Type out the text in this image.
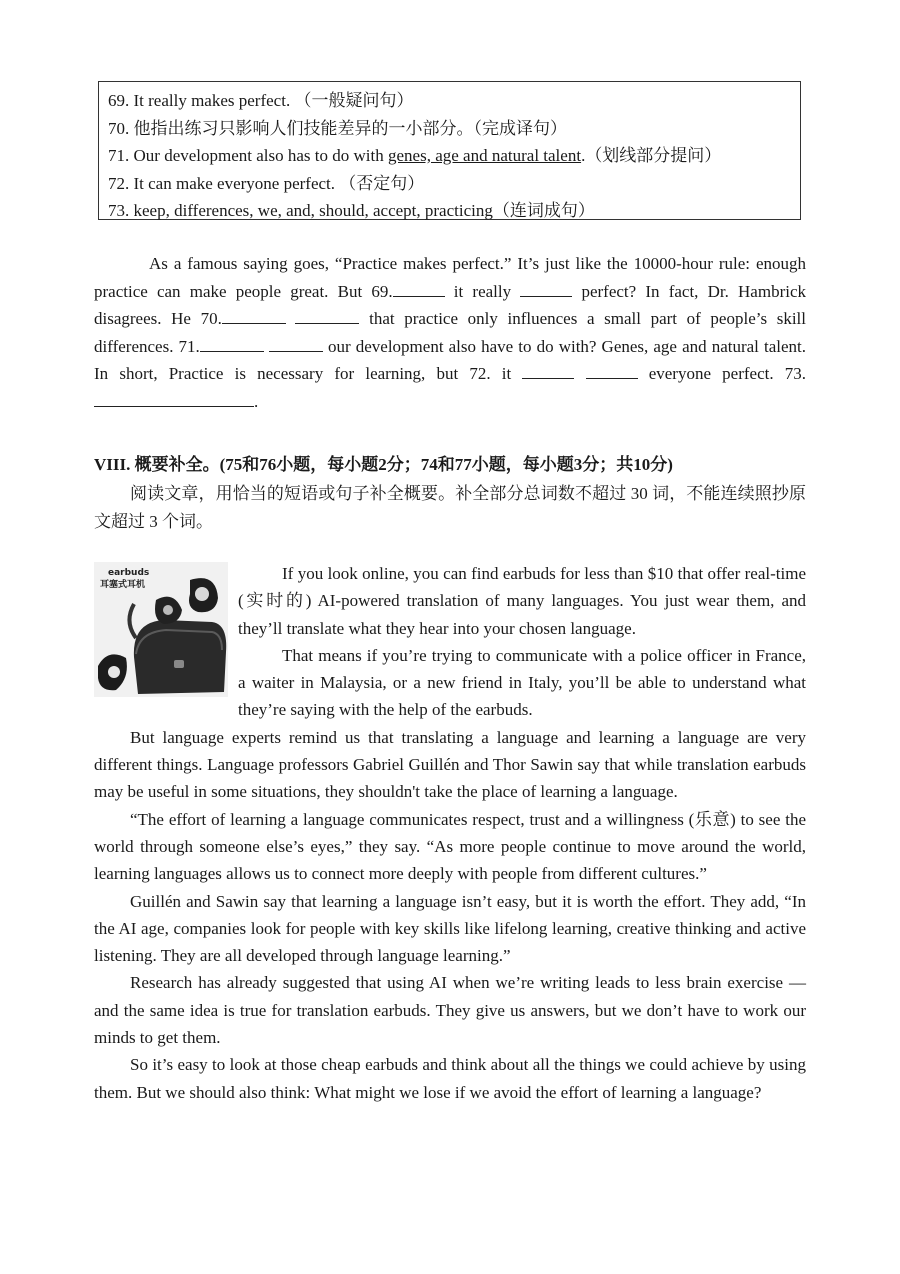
69. It really makes perfect. （一般疑问句）
70. 他指出练习只影响人们技能差异的一小部分。（完成译句）
71. Our development also has to do with genes, age and natural talent.（划线部分提问）
72. It can make everyone perfect. （否定句）
73. keep, differences, we, and, should, accept, practicing（连词成句）

As a famous saying goes, “Practice makes perfect.” It’s just like the 10000-hour rule: enough practice can make people great. But 69.	it really	perfect? In fact, Dr. Hambrick disagrees. He 70.	that practice only influences a small part of people’s skill differences. 71.	our development also have to do with? Genes, age and natural talent. In short, Practice is necessary for learning, but 72. it	everyone perfect. 73..

VIII. 概要补全。(75和76小题，每小题2分；74和77小题，每小题3分；共10分)

阅读文章，用恰当的短语或句子补全概要。补全部分总词数不超过 30 词，不能连续照抄原文超过 3 个词。

earbuds
耳塞式耳机

If you look online, you can find earbuds for less than $10 that offer real-time (实时的) AI-powered translation of many languages. You just wear them, and they’ll translate what they hear into your chosen language.

That means if you’re trying to communicate with a police officer in France, a waiter in Malaysia, or a new friend in Italy, you’ll be able to understand what they’re saying with the help of the earbuds.

But language experts remind us that translating a language and learning a language are very different things. Language professors Gabriel Guillén and Thor Sawin say that while translation earbuds may be useful in some situations, they shouldn't take the place of learning a language.

“The effort of learning a language communicates respect, trust and a willingness (乐意) to see the world through someone else’s eyes,” they say. “As more people continue to move around the world, learning languages allows us to connect more deeply with people from different cultures.”

Guillén and Sawin say that learning a language isn’t easy, but it is worth the effort. They add, “In the AI age, companies look for people with key skills like lifelong learning, creative thinking and active listening. They are all developed through language learning.”

Research has already suggested that using AI when we’re writing leads to less brain exercise — and the same idea is true for translation earbuds. They give us answers, but we don’t have to work our minds to get them.

So it’s easy to look at those cheap earbuds and think about all the things we could achieve by using them. But we should also think: What might we lose if we avoid the effort of learning a language?
